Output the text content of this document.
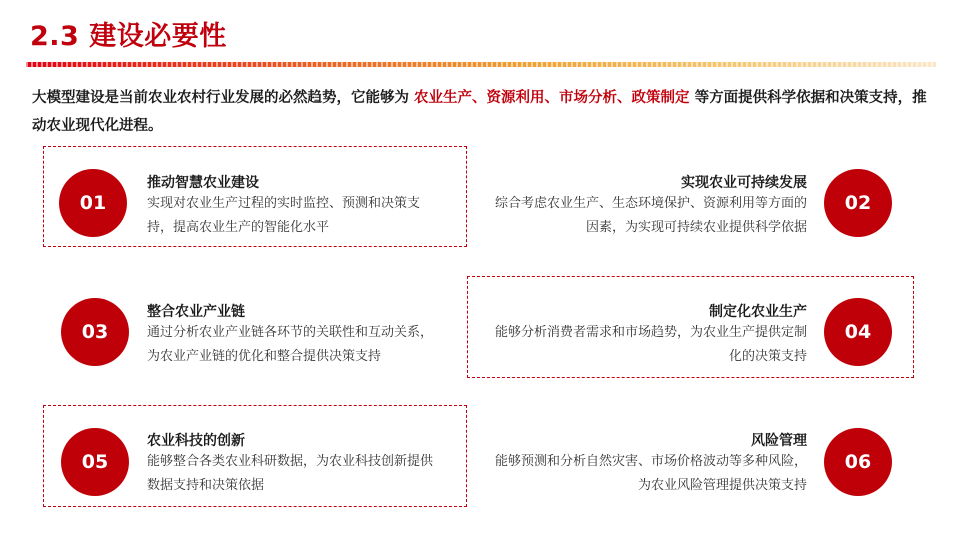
2.3 建设必要性
大模型建设是当前农业农村行业发展的必然趋势，它能够为 农业生产、资源利用、市场分析、政策制定 等方面提供科学依据和决策支持，推动农业现代化进程。
01
推动智慧农业建设
实现对农业生产过程的实时监控、预测和决策支持，提高农业生产的智能化水平
02
实现农业可持续发展
综合考虑农业生产、生态环境保护、资源利用等方面的因素，为实现可持续农业提供科学依据
03
整合农业产业链
通过分析农业产业链各环节的关联性和互动关系，为农业产业链的优化和整合提供决策支持
04
制定化农业生产
能够分析消费者需求和市场趋势，为农业生产提供定制化的决策支持
05
农业科技的创新
能够整合各类农业科研数据，为农业科技创新提供数据支持和决策依据
06
风险管理
能够预测和分析自然灾害、市场价格波动等多种风险，为农业风险管理提供决策支持
